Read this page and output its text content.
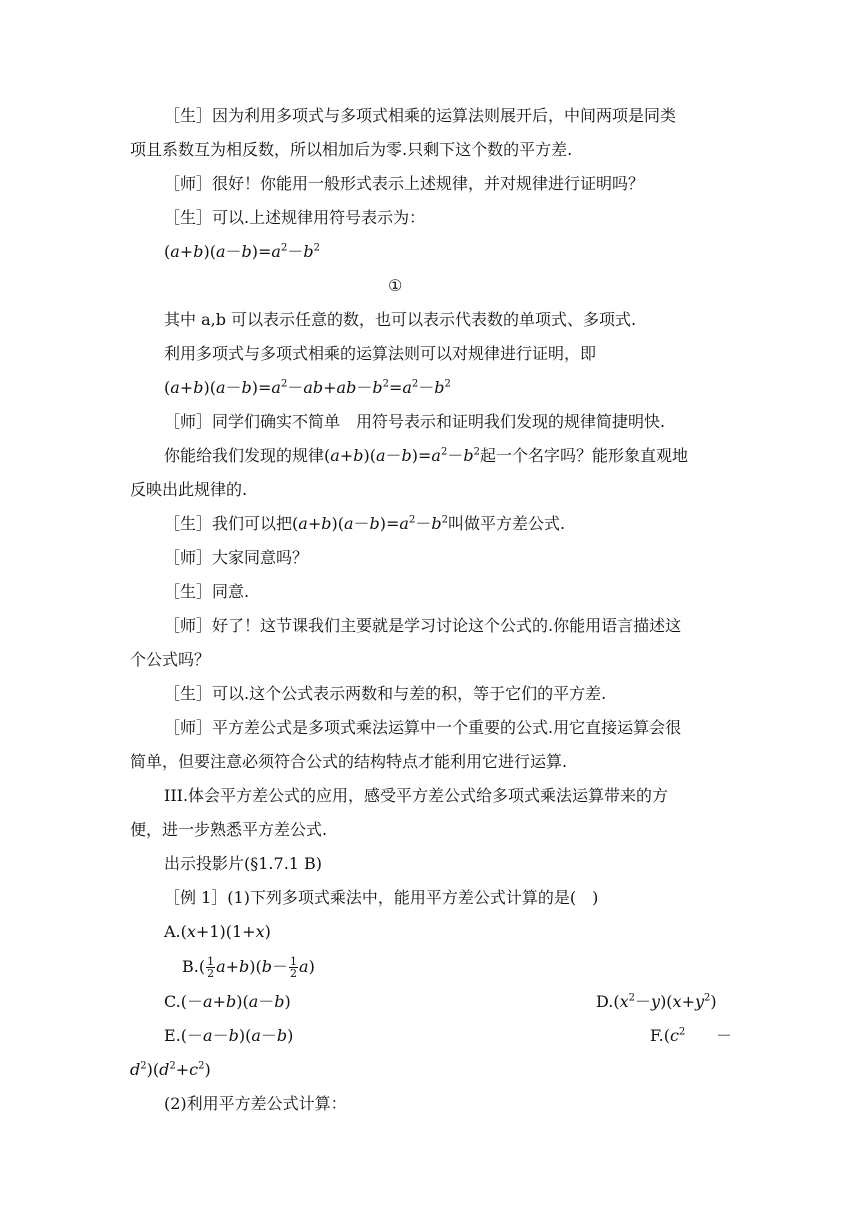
［生］因为利用多项式与多项式相乘的运算法则展开后，中间两项是同类
项且系数互为相反数，所以相加后为零.只剩下这个数的平方差.
［师］很好！你能用一般形式表示上述规律，并对规律进行证明吗？
［生］可以.上述规律用符号表示为：
$(a+b)(a-b)=a^2-b^2$
①
其中 a,b 可以表示任意的数，也可以表示代表数的单项式、多项式.
利用多项式与多项式相乘的运算法则可以对规律进行证明，即
$(a+b)(a-b)=a^2-ab+ab-b^2=a^2-b^2$
［师］同学们确实不简单　用符号表示和证明我们发现的规律简捷明快.
你能给我们发现的规律$(a+b)(a-b)=a^2-b^2$起一个名字吗？能形象直观地
反映出此规律的.
［生］我们可以把$(a+b)(a-b)=a^2-b^2$叫做平方差公式.
［师］大家同意吗？
［生］同意.
［师］好了！这节课我们主要就是学习讨论这个公式的.你能用语言描述这
个公式吗？
［生］可以.这个公式表示两数和与差的积，等于它们的平方差.
［师］平方差公式是多项式乘法运算中一个重要的公式.用它直接运算会很
简单，但要注意必须符合公式的结构特点才能利用它进行运算.
III.体会平方差公式的应用，感受平方差公式给多项式乘法运算带来的方
便，进一步熟悉平方差公式.
出示投影片(§1.7.1 B)
［例 1］(1)下列多项式乘法中，能用平方差公式计算的是(　)
A.(x+1)(1+x)
$B.( \frac{1}{2} a+b)(b- \frac{1}{2} a)$
C.(－a+b)(a－b)	$D.(x^2-y)(x+y^2)$
E.(－a－b)(a－b)	$F.(c^2$ －
$d^2)(d^2+c^2)$
(2)利用平方差公式计算：
